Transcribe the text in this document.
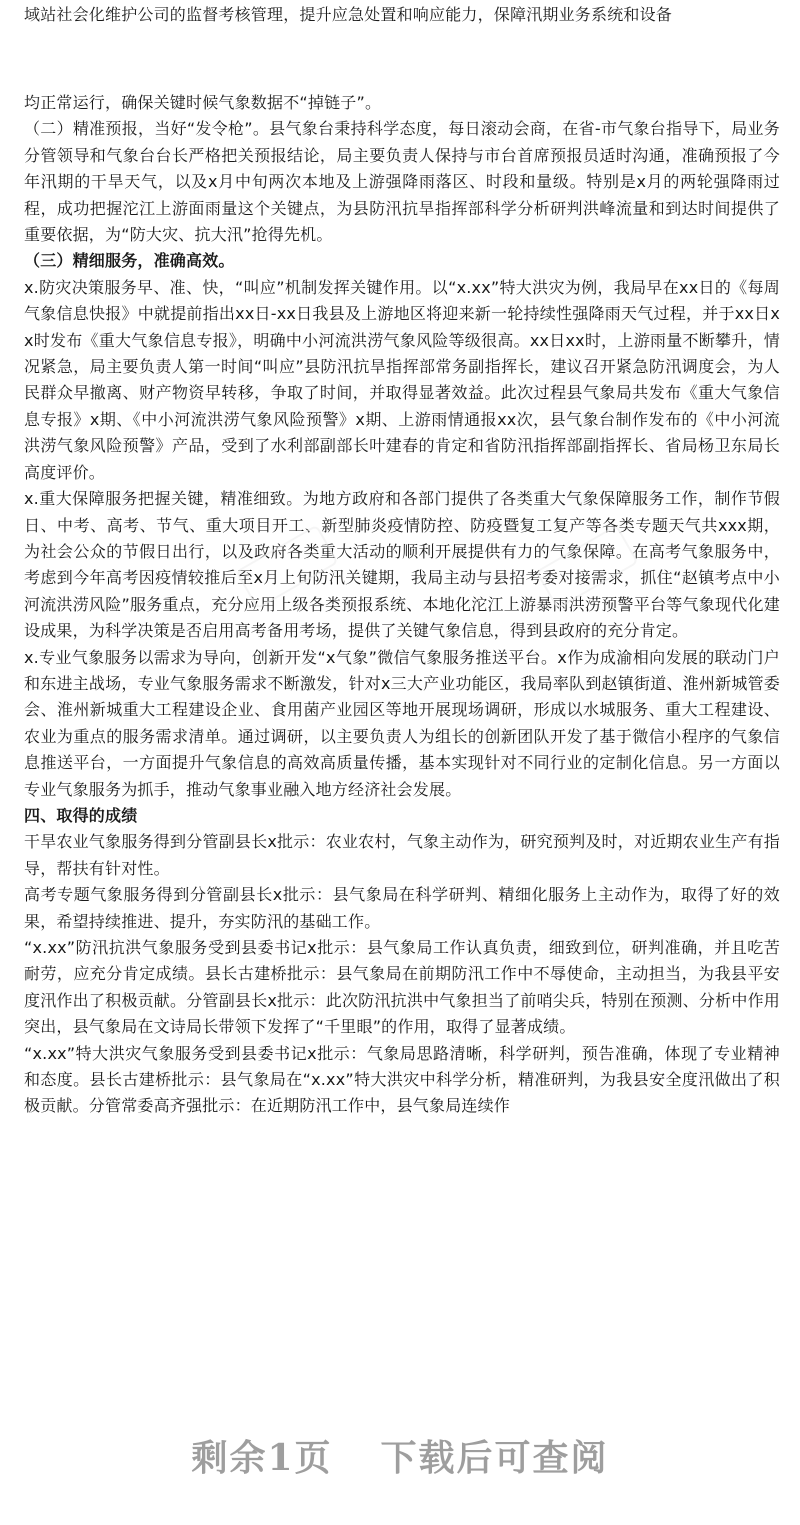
域站社会化维护公司的监督考核管理，提升应急处置和响应能力，保障汛期业务系统和设备

均正常运行，确保关键时候气象数据不“掉链子”。

（二）精准预报，当好“发令枪”。县气象台秉持科学态度，每日滚动会商，在省-市气象台指导下，局业务分管领导和气象台台长严格把关预报结论，局主要负责人保持与市台首席预报员适时沟通，准确预报了今年汛期的干旱天气，以及x月中旬两次本地及上游强降雨落区、时段和量级。特别是x月的两轮强降雨过程，成功把握沱江上游面雨量这个关键点，为县防汛抗旱指挥部科学分析研判洪峰流量和到达时间提供了重要依据，为“防大灾、抗大汛”抢得先机。

（三）精细服务，准确高效。

x.防灾决策服务早、准、快，“叫应”机制发挥关键作用。以“x.xx”特大洪灾为例，我局早在xx日的《每周气象信息快报》中就提前指出xx日-xx日我县及上游地区将迎来新一轮持续性强降雨天气过程，并于xx日xx时发布《重大气象信息专报》，明确中小河流洪涝气象风险等级很高。xx日xx时，上游雨量不断攀升，情况紧急，局主要负责人第一时间“叫应”县防汛抗旱指挥部常务副指挥长，建议召开紧急防汛调度会，为人民群众早撤离、财产物资早转移，争取了时间，并取得显著效益。此次过程县气象局共发布《重大气象信息专报》x期、《中小河流洪涝气象风险预警》x期、上游雨情通报xx次，县气象台制作发布的《中小河流洪涝气象风险预警》产品，受到了水利部副部长叶建春的肯定和省防汛指挥部副指挥长、省局杨卫东局长高度评价。

x.重大保障服务把握关键，精准细致。为地方政府和各部门提供了各类重大气象保障服务工作，制作节假日、中考、高考、节气、重大项目开工、新型肺炎疫情防控、防疫暨复工复产等各类专题天气共xxx期，为社会公众的节假日出行，以及政府各类重大活动的顺利开展提供有力的气象保障。在高考气象服务中，考虑到今年高考因疫情较推后至x月上旬防汛关键期，我局主动与县招考委对接需求，抓住“赵镇考点中小河流洪涝风险”服务重点，充分应用上级各类预报系统、本地化沱江上游暴雨洪涝预警平台等气象现代化建设成果，为科学决策是否启用高考备用考场，提供了关键气象信息，得到县政府的充分肯定。

x.专业气象服务以需求为导向，创新开发“x气象”微信气象服务推送平台。x作为成渝相向发展的联动门户和东进主战场，专业气象服务需求不断激发，针对x三大产业功能区，我局率队到赵镇街道、淮州新城管委会、淮州新城重大工程建设企业、食用菌产业园区等地开展现场调研，形成以水城服务、重大工程建设、农业为重点的服务需求清单。通过调研，以主要负责人为组长的创新团队开发了基于微信小程序的气象信息推送平台，一方面提升气象信息的高效高质量传播，基本实现针对不同行业的定制化信息。另一方面以专业气象服务为抓手，推动气象事业融入地方经济社会发展。

四、取得的成绩

干旱农业气象服务得到分管副县长x批示：农业农村，气象主动作为，研究预判及时，对近期农业生产有指导，帮扶有针对性。

高考专题气象服务得到分管副县长x批示：县气象局在科学研判、精细化服务上主动作为，取得了好的效果，希望持续推进、提升，夯实防汛的基础工作。

“x.xx”防汛抗洪气象服务受到县委书记x批示：县气象局工作认真负责，细致到位，研判准确，并且吃苦耐劳，应充分肯定成绩。县长古建桥批示：县气象局在前期防汛工作中不辱使命，主动担当，为我县平安度汛作出了积极贡献。分管副县长x批示：此次防汛抗洪中气象担当了前哨尖兵，特别在预测、分析中作用突出，县气象局在文诗局长带领下发挥了“千里眼”的作用，取得了显著成绩。

“x.xx”特大洪灾气象服务受到县委书记x批示：气象局思路清晰，科学研判，预告准确，体现了专业精神和态度。县长古建桥批示：县气象局在“x.xx”特大洪灾中科学分析，精准研判，为我县安全度汛做出了积极贡献。分管常委高齐强批示：在近期防汛工作中，县气象局连续作

剩余1页 下载后可查阅
